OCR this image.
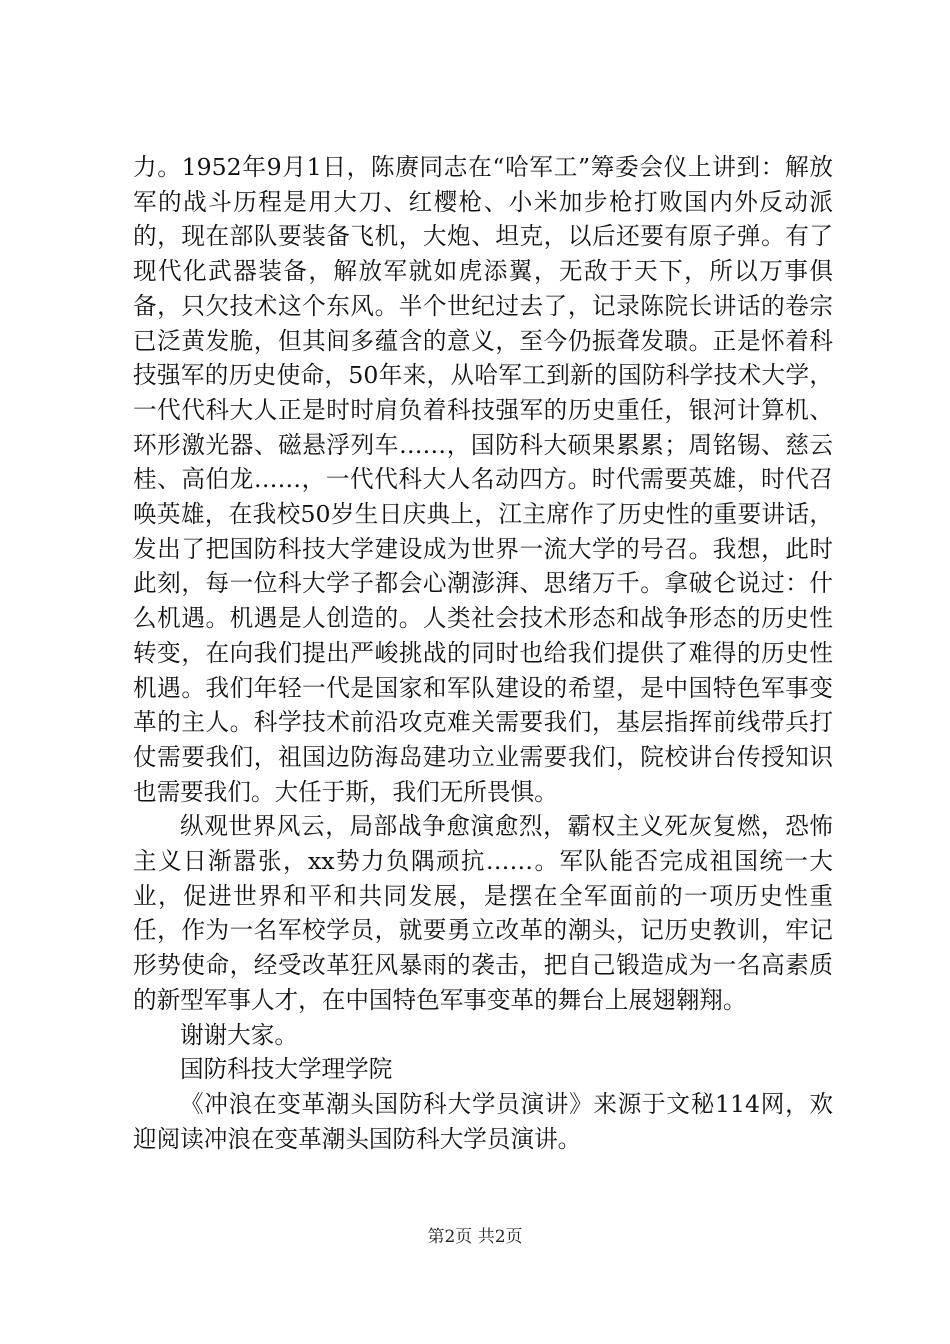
力。1952年9月1日，陈赓同志在“哈军工”筹委会仪上讲到：解放军的战斗历程是用大刀、红樱枪、小米加步枪打败国内外反动派的，现在部队要装备飞机，大炮、坦克，以后还要有原子弹。有了现代化武器装备，解放军就如虎添翼，无敌于天下，所以万事俱备，只欠技术这个东风。半个世纪过去了，记录陈院长讲话的卷宗已泛黄发脆，但其间多蕴含的意义，至今仍振聋发聩。正是怀着科技强军的历史使命，50年来，从哈军工到新的国防科学技术大学，一代代科大人正是时时肩负着科技强军的历史重任，银河计算机、环形激光器、磁悬浮列车……，国防科大硕果累累；周铭锡、慈云桂、高伯龙……，一代代科大人名动四方。时代需要英雄，时代召唤英雄，在我校50岁生日庆典上，江主席作了历史性的重要讲话，发出了把国防科技大学建设成为世界一流大学的号召。我想，此时此刻，每一位科大学子都会心潮澎湃、思绪万千。拿破仑说过：什么机遇。机遇是人创造的。人类社会技术形态和战争形态的历史性转变，在向我们提出严峻挑战的同时也给我们提供了难得的历史性机遇。我们年轻一代是国家和军队建设的希望，是中国特色军事变革的主人。科学技术前沿攻克难关需要我们，基层指挥前线带兵打仗需要我们，祖国边防海岛建功立业需要我们，院校讲台传授知识也需要我们。大任于斯，我们无所畏惧。

纵观世界风云，局部战争愈演愈烈，霸权主义死灰复燃，恐怖主义日渐嚣张，xx势力负隅顽抗……。军队能否完成祖国统一大业，促进世界和平和共同发展，是摆在全军面前的一项历史性重任，作为一名军校学员，就要勇立改革的潮头，记历史教训，牢记形势使命，经受改革狂风暴雨的袭击，把自己锻造成为一名高素质的新型军事人才，在中国特色军事变革的舞台上展翅翱翔。

谢谢大家。

国防科技大学理学院

《冲浪在变革潮头国防科大学员演讲》来源于文秘114网，欢迎阅读冲浪在变革潮头国防科大学员演讲。

第2页 共2页
